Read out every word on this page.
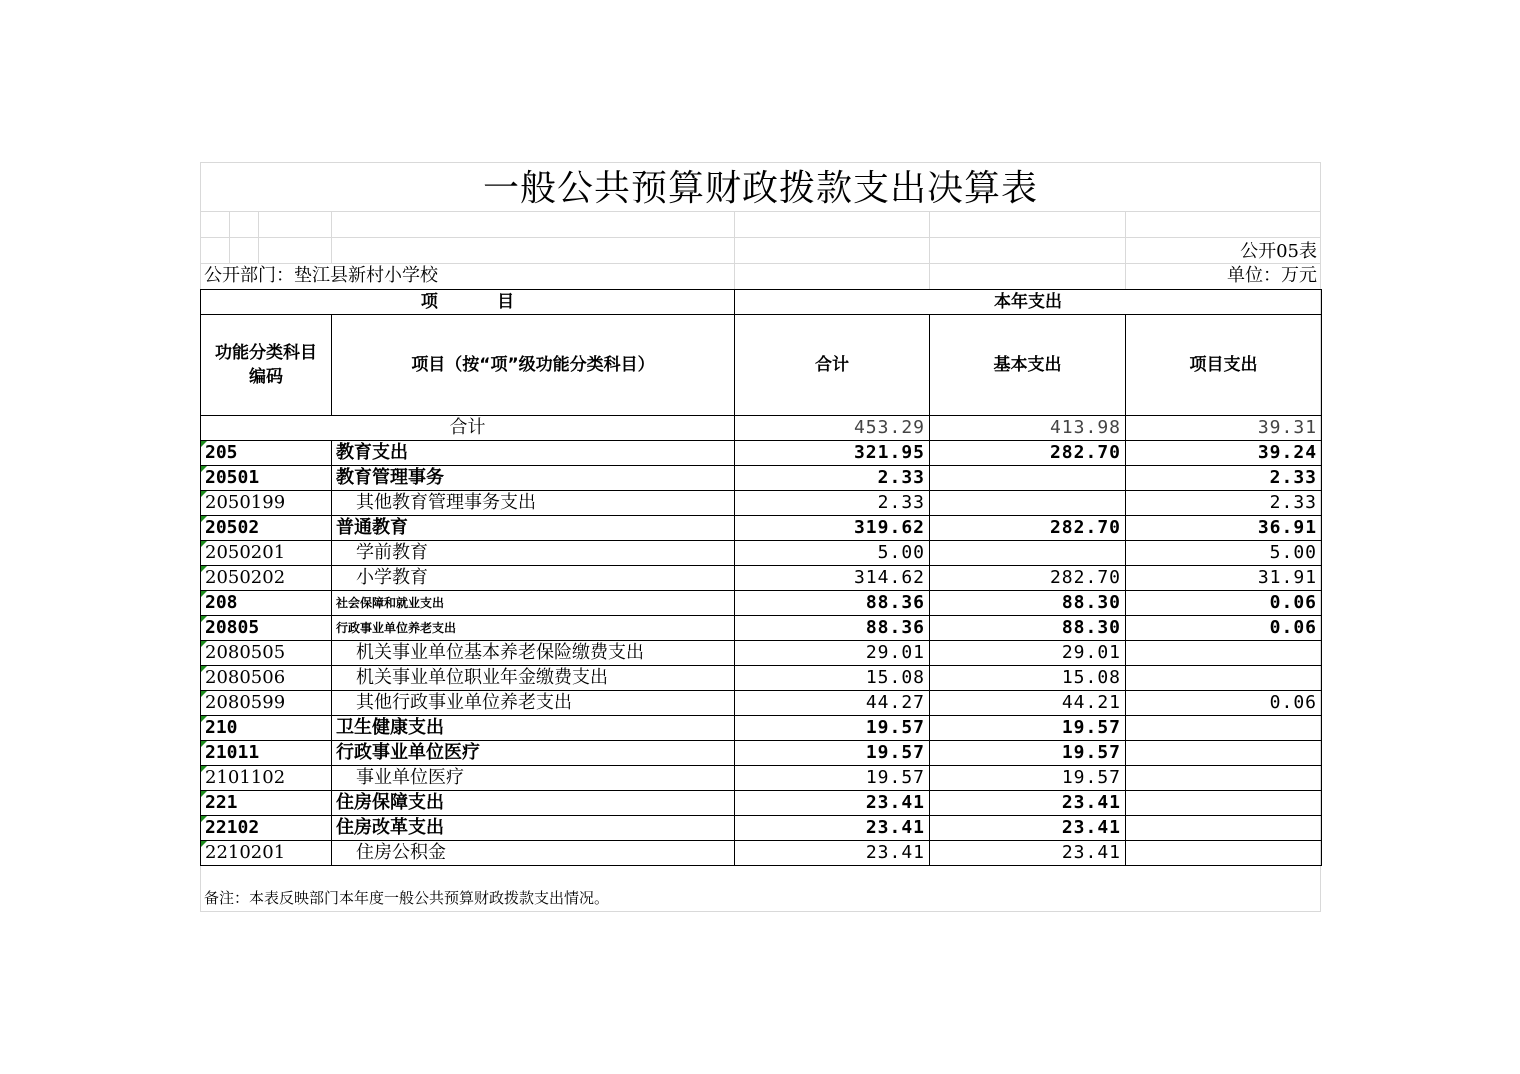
一般公共预算财政拨款支出决算表
公开05表
公开部门：垫江县新村小学校	单位：万元
项          目		本年支出		
功能分类科目编码	项目（按“项”级功能分类科目）	合计	基本支出	项目支出
合计		453.29	413.98	39.31

205	教育支出	321.95	282.70	39.24

20501	教育管理事务	2.33		2.33

2050199	其他教育管理事务支出	2.33		2.33

20502	普通教育	319.62	282.70	36.91

2050201	学前教育	5.00		5.00

2050202	小学教育	314.62	282.70	31.91

208	社会保障和就业支出	88.36	88.30	0.06

20805	行政事业单位养老支出	88.36	88.30	0.06

2080505	机关事业单位基本养老保险缴费支出	29.01	29.01	

2080506	机关事业单位职业年金缴费支出	15.08	15.08	

2080599	其他行政事业单位养老支出	44.27	44.21	0.06

210	卫生健康支出	19.57	19.57	

21011	行政事业单位医疗	19.57	19.57	

2101102	事业单位医疗	19.57	19.57	

221	住房保障支出	23.41	23.41	

22102	住房改革支出	23.41	23.41	

2210201	住房公积金	23.41	23.41	
备注：本表反映部门本年度一般公共预算财政拨款支出情况。
